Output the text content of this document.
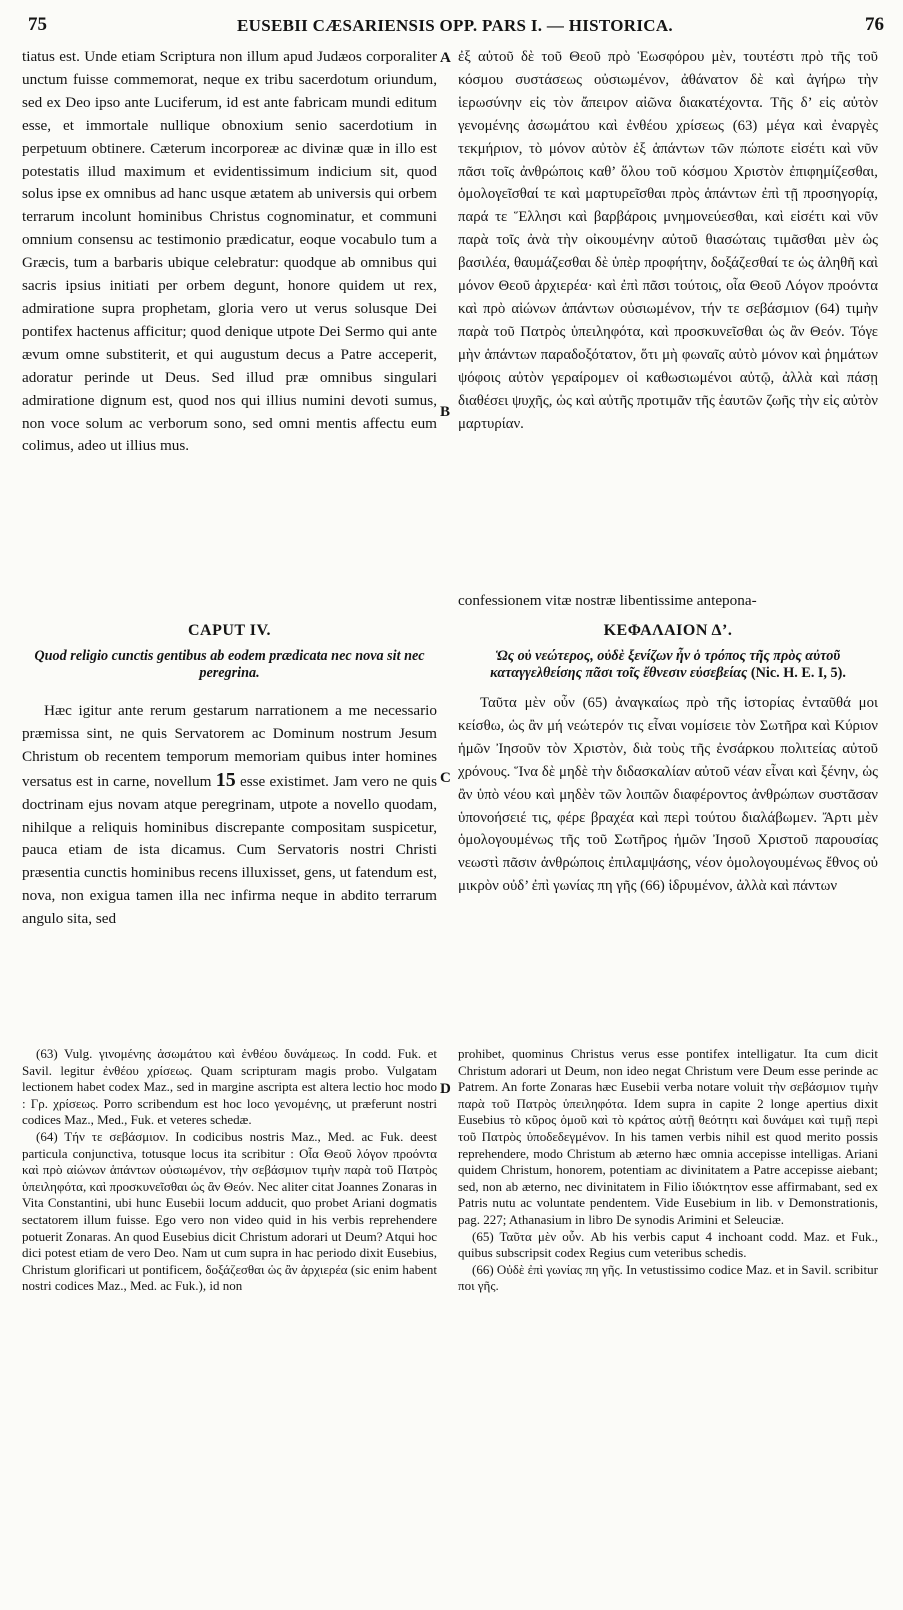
75	EUSEBII CÆSARIENSIS OPP. PARS I. — HISTORICA.	76
A
B
C
D

tiatus est. Unde etiam Scriptura non illum apud Judæos corporaliter unctum fuisse commemorat, neque ex tribu sacerdotum oriundum, sed ex Deo ipso ante Luciferum, id est ante fabricam mundi editum esse, et immortale nullique obnoxium senio sacerdotium in perpetuum obtinere. Cæterum incorporeæ ac divinæ quæ in illo est potestatis illud maximum et evidentissimum indicium sit, quod solus ipse ex omnibus ad hanc usque ætatem ab universis qui orbem terrarum incolunt hominibus Christus cognominatur, et communi omnium consensu ac testimonio prædicatur, eoque vocabulo tum a Græcis, tum a barbaris ubique celebratur: quodque ab omnibus qui sacris ipsius initiati per orbem degunt, honore quidem ut rex, admiratione supra prophetam, gloria vero ut verus solusque Dei pontifex hactenus afficitur; quod denique utpote Dei Sermo qui ante ævum omne substiterit, et qui augustum decus a Patre acceperit, adoratur perinde ut Deus. Sed illud præ omnibus singulari admiratione dignum est, quod nos qui illius numini devoti sumus, non voce solum ac verborum sono, sed omni mentis affectu eum colimus, adeo ut illius mus.

CAPUT IV.
Quod religio cunctis gentibus ab eodem prædicata nec nova sit nec peregrina.

Hæc igitur ante rerum gestarum narrationem a me necessario præmissa sint, ne quis Servatorem ac Dominum nostrum Jesum Christum ob recentem temporum memoriam quibus inter homines versatus est in carne, novellum 15 esse existimet. Jam vero ne quis doctrinam ejus novam atque peregrinam, utpote a novello quodam, nihilque a reliquis hominibus discrepante compositam suspicetur, pauca etiam de ista dicamus. Cum Servatoris nostri Christi præsentia cunctis hominibus recens illuxisset, gens, ut fatendum est, nova, non exigua tamen illa nec infirma neque in abdito terrarum angulo sita, sed

ἐξ αὐτοῦ δὲ τοῦ Θεοῦ πρὸ Ἑωσφόρου μὲν, τουτέστι πρὸ τῆς τοῦ κόσμου συστάσεως οὐσιωμένον, ἀθάνατον δὲ καὶ ἀγήρω τὴν ἱερωσύνην εἰς τὸν ἄπειρον αἰῶνα διακατέχοντα. Τῆς δ’ εἰς αὐτὸν γενομένης ἀσωμάτου καὶ ἐνθέου χρίσεως (63) μέγα καὶ ἐναργὲς τεκμήριον, τὸ μόνον αὐτὸν ἐξ ἁπάντων τῶν πώποτε εἰσέτι καὶ νῦν πᾶσι τοῖς ἀνθρώποις καθ’ ὅλου τοῦ κόσμου Χριστὸν ἐπιφημίζεσθαι, ὁμολογεῖσθαί τε καὶ μαρτυρεῖσθαι πρὸς ἁπάντων ἐπὶ τῇ προσηγορίᾳ, παρά τε Ἕλλησι καὶ βαρβάροις μνημονεύεσθαι, καὶ εἰσέτι καὶ νῦν παρὰ τοῖς ἀνὰ τὴν οἰκουμένην αὐτοῦ θιασώταις τιμᾶσθαι μὲν ὡς βασιλέα, θαυμάζεσθαι δὲ ὑπὲρ προφήτην, δοξάζεσθαί τε ὡς ἀληθῆ καὶ μόνον Θεοῦ ἀρχιερέα· καὶ ἐπὶ πᾶσι τούτοις, οἷα Θεοῦ Λόγον προόντα καὶ πρὸ αἰώνων ἁπάντων οὐσιωμένον, τήν τε σεβάσμιον (64) τιμὴν παρὰ τοῦ Πατρὸς ὑπειληφότα, καὶ προσκυνεῖσθαι ὡς ἂν Θεόν. Τόγε μὴν ἁπάντων παραδοξότατον, ὅτι μὴ φωναῖς αὐτὸ μόνον καὶ ῥημάτων ψόφοις αὐτὸν γεραίρομεν οἱ καθωσιωμένοι αὐτῷ, ἀλλὰ καὶ πάσῃ διαθέσει ψυχῆς, ὡς καὶ αὐτῆς προτιμᾶν τῆς ἑαυτῶν ζωῆς τὴν εἰς αὐτὸν μαρτυρίαν.

confessionem vitæ nostræ libentissime antepona-

ΚΕΦΑΛΑΙΟΝ Δ’.
Ὡς οὐ νεώτερος, οὐδὲ ξενίζων ἦν ὁ τρόπος τῆς πρὸς αὐτοῦ καταγγελθείσης πᾶσι τοῖς ἔθνεσιν εὐσεβείας (Nic. H. E. I, 5).

Ταῦτα μὲν οὖν (65) ἀναγκαίως πρὸ τῆς ἱστορίας ἐνταῦθά μοι κείσθω, ὡς ἂν μή νεώτερόν τις εἶναι νομίσειε τὸν Σωτῆρα καὶ Κύριον ἡμῶν Ἰησοῦν τὸν Χριστὸν, διὰ τοὺς τῆς ἐνσάρκου πολιτείας αὐτοῦ χρόνους. Ἵνα δὲ μηδὲ τὴν διδασκαλίαν αὐτοῦ νέαν εἶναι καὶ ξένην, ὡς ἂν ὑπὸ νέου καὶ μηδὲν τῶν λοιπῶν διαφέροντος ἀνθρώπων συστᾶσαν ὑπονοήσειέ τις, φέρε βραχέα καὶ περὶ τούτου διαλάβωμεν. Ἄρτι μὲν ὁμολογουμένως τῆς τοῦ Σωτῆρος ἡμῶν Ἰησοῦ Χριστοῦ παρουσίας νεωστὶ πᾶσιν ἀνθρώποις ἐπιλαμψάσης, νέον ὁμολογουμένως ἔθνος οὐ μικρὸν οὐδ’ ἐπὶ γωνίας πη γῆς (66) ἱδρυμένον, ἀλλὰ καὶ πάντων

(63) Vulg. γινομένης ἀσωμάτου καὶ ἐνθέου δυνάμεως. In codd. Fuk. et Savil. legitur ἐνθέου χρίσεως. Quam scripturam magis probo. Vulgatam lectionem habet codex Maz., sed in margine ascripta est altera lectio hoc modo : Γρ. χρίσεως. Porro scribendum est hoc loco γενομένης, ut præferunt nostri codices Maz., Med., Fuk. et veteres schedæ.

(64) Τήν τε σεβάσμιον. In codicibus nostris Maz., Med. ac Fuk. deest particula conjunctiva, totusque locus ita scribitur : Οἷα Θεοῦ λόγον προόντα καὶ πρὸ αἰώνων ἁπάντων οὐσιωμένον, τὴν σεβάσμιον τιμὴν παρὰ τοῦ Πατρὸς ὑπειληφότα, καὶ προσκυνεῖσθαι ὡς ἂν Θεόν. Nec aliter citat Joannes Zonaras in Vita Constantini, ubi hunc Eusebii locum adducit, quo probet Ariani dogmatis sectatorem illum fuisse. Ego vero non video quid in his verbis reprehendere potuerit Zonaras. An quod Eusebius dicit Christum adorari ut Deum? Atqui hoc dici potest etiam de vero Deo. Nam ut cum supra in hac periodo dixit Eusebius, Christum glorificari ut pontificem, δοξάζεσθαι ὡς ἂν ἀρχιερέα (sic enim habent nostri codices Maz., Med. ac Fuk.), id non

prohibet, quominus Christus verus esse pontifex intelligatur. Ita cum dicit Christum adorari ut Deum, non ideo negat Christum vere Deum esse perinde ac Patrem. An forte Zonaras hæc Eusebii verba notare voluit τὴν σεβάσμιον τιμὴν παρὰ τοῦ Πατρὸς ὑπειληφότα. Idem supra in capite 2 longe apertius dixit Eusebius τὸ κῦρος ὁμοῦ καὶ τὸ κράτος αὐτῇ θεότητι καὶ δυνάμει καὶ τιμῇ περὶ τοῦ Πατρὸς ὑποδεδεγμένον. In his tamen verbis nihil est quod merito possis reprehendere, modo Christum ab æterno hæc omnia accepisse intelligas. Ariani quidem Christum, honorem, potentiam ac divinitatem a Patre accepisse aiebant; sed, non ab æterno, nec divinitatem in Filio ἰδιόκτητον esse affirmabant, sed ex Patris nutu ac voluntate pendentem. Vide Eusebium in lib. v Demonstrationis, pag. 227; Athanasium in libro De synodis Arimini et Seleuciæ.

(65) Ταῦτα μὲν οὖν. Ab his verbis caput 4 inchoant codd. Maz. et Fuk., quibus subscripsit codex Regius cum veteribus schedis.

(66) Οὐδὲ ἐπὶ γωνίας πη γῆς. In vetustissimo codice Maz. et in Savil. scribitur ποι γῆς.
